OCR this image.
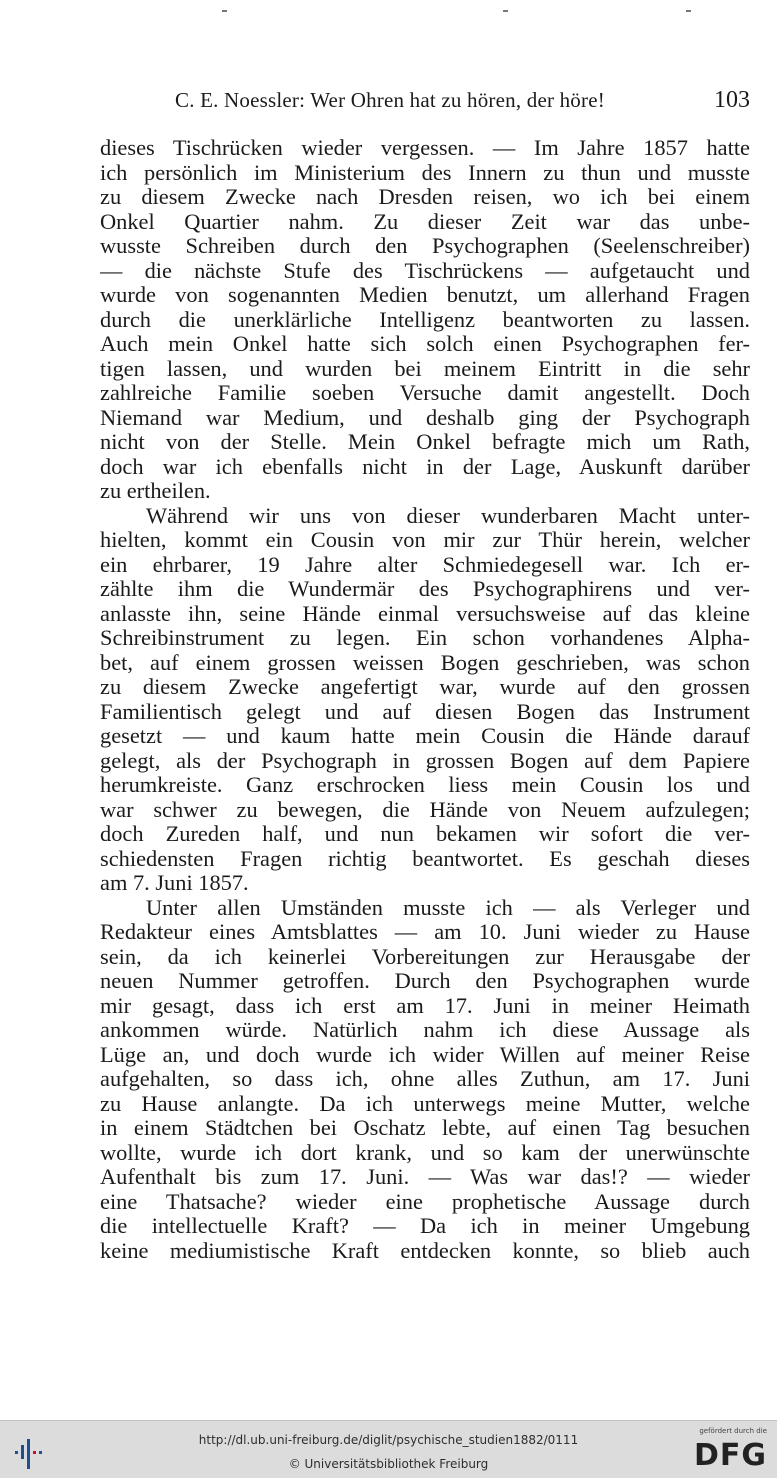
C. E. Noessler: Wer Ohren hat zu hören, der höre!	103
dieses Tischrücken wieder vergessen. — Im Jahre 1857 hatte
ich persönlich im Ministerium des Innern zu thun und musste
zu diesem Zwecke nach Dresden reisen, wo ich bei einem
Onkel Quartier nahm. Zu dieser Zeit war das unbe-
wusste Schreiben durch den Psychographen (Seelenschreiber)
— die nächste Stufe des Tischrückens — aufgetaucht und
wurde von sogenannten Medien benutzt, um allerhand Fragen
durch die unerklärliche Intelligenz beantworten zu lassen.
Auch mein Onkel hatte sich solch einen Psychographen fer-
tigen lassen, und wurden bei meinem Eintritt in die sehr
zahlreiche Familie soeben Versuche damit angestellt. Doch
Niemand war Medium, und deshalb ging der Psychograph
nicht von der Stelle. Mein Onkel befragte mich um Rath,
doch war ich ebenfalls nicht in der Lage, Auskunft darüber
zu ertheilen.
Während wir uns von dieser wunderbaren Macht unter-
hielten, kommt ein Cousin von mir zur Thür herein, welcher
ein ehrbarer, 19 Jahre alter Schmiedegesell war. Ich er-
zählte ihm die Wundermär des Psychographirens und ver-
anlasste ihn, seine Hände einmal versuchsweise auf das kleine
Schreibinstrument zu legen. Ein schon vorhandenes Alpha-
bet, auf einem grossen weissen Bogen geschrieben, was schon
zu diesem Zwecke angefertigt war, wurde auf den grossen
Familientisch gelegt und auf diesen Bogen das Instrument
gesetzt — und kaum hatte mein Cousin die Hände darauf
gelegt, als der Psychograph in grossen Bogen auf dem Papiere
herumkreiste. Ganz erschrocken liess mein Cousin los und
war schwer zu bewegen, die Hände von Neuem aufzulegen;
doch Zureden half, und nun bekamen wir sofort die ver-
schiedensten Fragen richtig beantwortet. Es geschah dieses
am 7. Juni 1857.
Unter allen Umständen musste ich — als Verleger und
Redakteur eines Amtsblattes — am 10. Juni wieder zu Hause
sein, da ich keinerlei Vorbereitungen zur Herausgabe der
neuen Nummer getroffen. Durch den Psychographen wurde
mir gesagt, dass ich erst am 17. Juni in meiner Heimath
ankommen würde. Natürlich nahm ich diese Aussage als
Lüge an, und doch wurde ich wider Willen auf meiner Reise
aufgehalten, so dass ich, ohne alles Zuthun, am 17. Juni
zu Hause anlangte. Da ich unterwegs meine Mutter, welche
in einem Städtchen bei Oschatz lebte, auf einen Tag besuchen
wollte, wurde ich dort krank, und so kam der unerwünschte
Aufenthalt bis zum 17. Juni. — Was war das!? — wieder
eine Thatsache? wieder eine prophetische Aussage durch
die intellectuelle Kraft? — Da ich in meiner Umgebung
keine mediumistische Kraft entdecken konnte, so blieb auch
http://dl.ub.uni-freiburg.de/diglit/psychische_studien1882/0111
© Universitätsbibliothek Freiburg
gefördert durch die
DFG
